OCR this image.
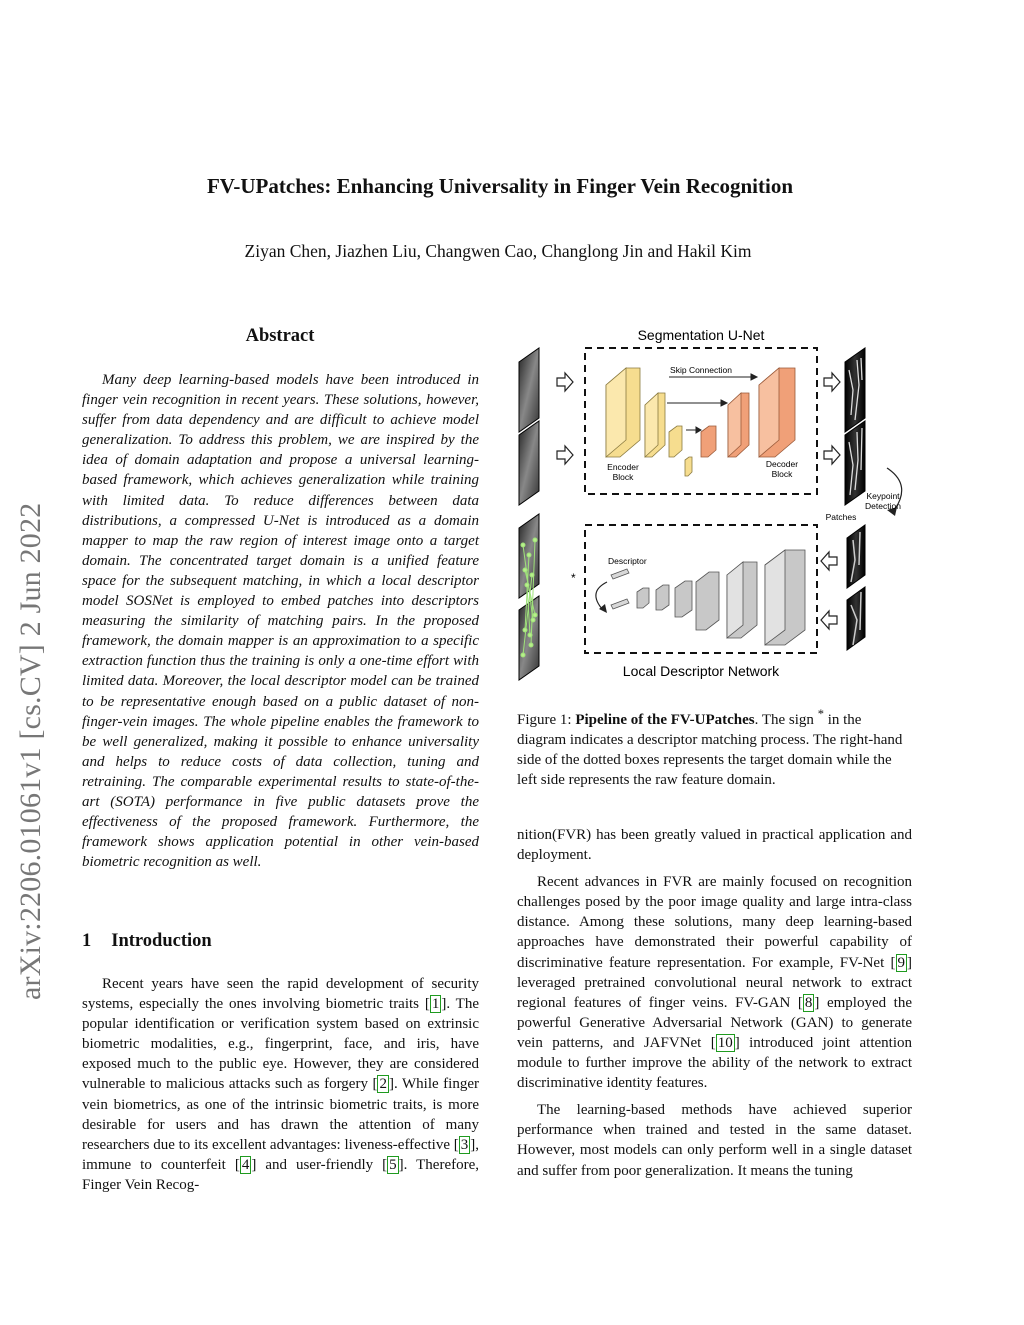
arXiv:2206.01061v1 [cs.CV] 2 Jun 2022
FV-UPatches: Enhancing Universality in Finger Vein Recognition
Ziyan Chen, Jiazhen Liu, Changwen Cao, Changlong Jin and Hakil Kim
Abstract

Many deep learning-based models have been introduced in finger vein recognition in recent years. These solutions, however, suffer from data dependency and are difficult to achieve model generalization. To address this problem, we are inspired by the idea of domain adaptation and propose a universal learning-based framework, which achieves generalization while training with limited data. To reduce differences between data distributions, a compressed U-Net is introduced as a domain mapper to map the raw region of interest image onto a target domain. The concentrated target domain is a unified feature space for the subsequent matching, in which a local descriptor model SOSNet is employed to embed patches into descriptors measuring the similarity of matching pairs. In the proposed framework, the domain mapper is an approximation to a specific extraction function thus the training is only a one-time effort with limited data. Moreover, the local descriptor model can be trained to be representative enough based on a public dataset of non-finger-vein images. The whole pipeline enables the framework to be well generalized, making it possible to enhance universality and helps to reduce costs of data collection, tuning and retraining. The comparable experimental results to state-of-the-art (SOTA) performance in five public datasets prove the effectiveness of the proposed framework. Furthermore, the framework shows application potential in other vein-based biometric recognition as well.

1 Introduction

Recent years have seen the rapid development of security systems, especially the ones involving biometric traits [ 1 ]. The popular identification or verification system based on extrinsic biometric modalities, e.g., fingerprint, face, and iris, have exposed much to the public eye. However, they are considered vulnerable to malicious attacks such as forgery [ 2 ]. While finger vein biometrics, as one of the intrinsic biometric traits, is more desirable for users and has drawn the attention of many researchers due to its excellent advantages: liveness-effective [ 3 ], immune to counterfeit [ 4 ] and user-friendly [ 5 ]. Therefore, Finger Vein Recog-

Segmentation U-Net
Local Descriptor Network
Skip Connection
Encoder
Block
Decoder
Block
Keypoint
Detection
Patches
Descriptor
*
Figure 1: Pipeline of the FV-UPatches. The sign * in the diagram indicates a descriptor matching process. The right-hand side of the dotted boxes represents the target domain while the left side represents the raw feature domain.

nition(FVR) has been greatly valued in practical application and deployment.

Recent advances in FVR are mainly focused on recognition challenges posed by the poor image quality and large intra-class distance. Among these solutions, many deep learning-based approaches have demonstrated their powerful capability of discriminative feature representation. For example, FV-Net [ 9 ] leveraged pretrained convolutional neural network to extract regional features of finger veins. FV-GAN [ 8 ] employed the powerful Generative Adversarial Network (GAN) to generate vein patterns, and JAFVNet [ 10 ] introduced joint attention module to further improve the ability of the network to extract discriminative identity features.

The learning-based methods have achieved superior performance when trained and tested in the same dataset. However, most models can only perform well in a single dataset and suffer from poor generalization. It means the tuning
